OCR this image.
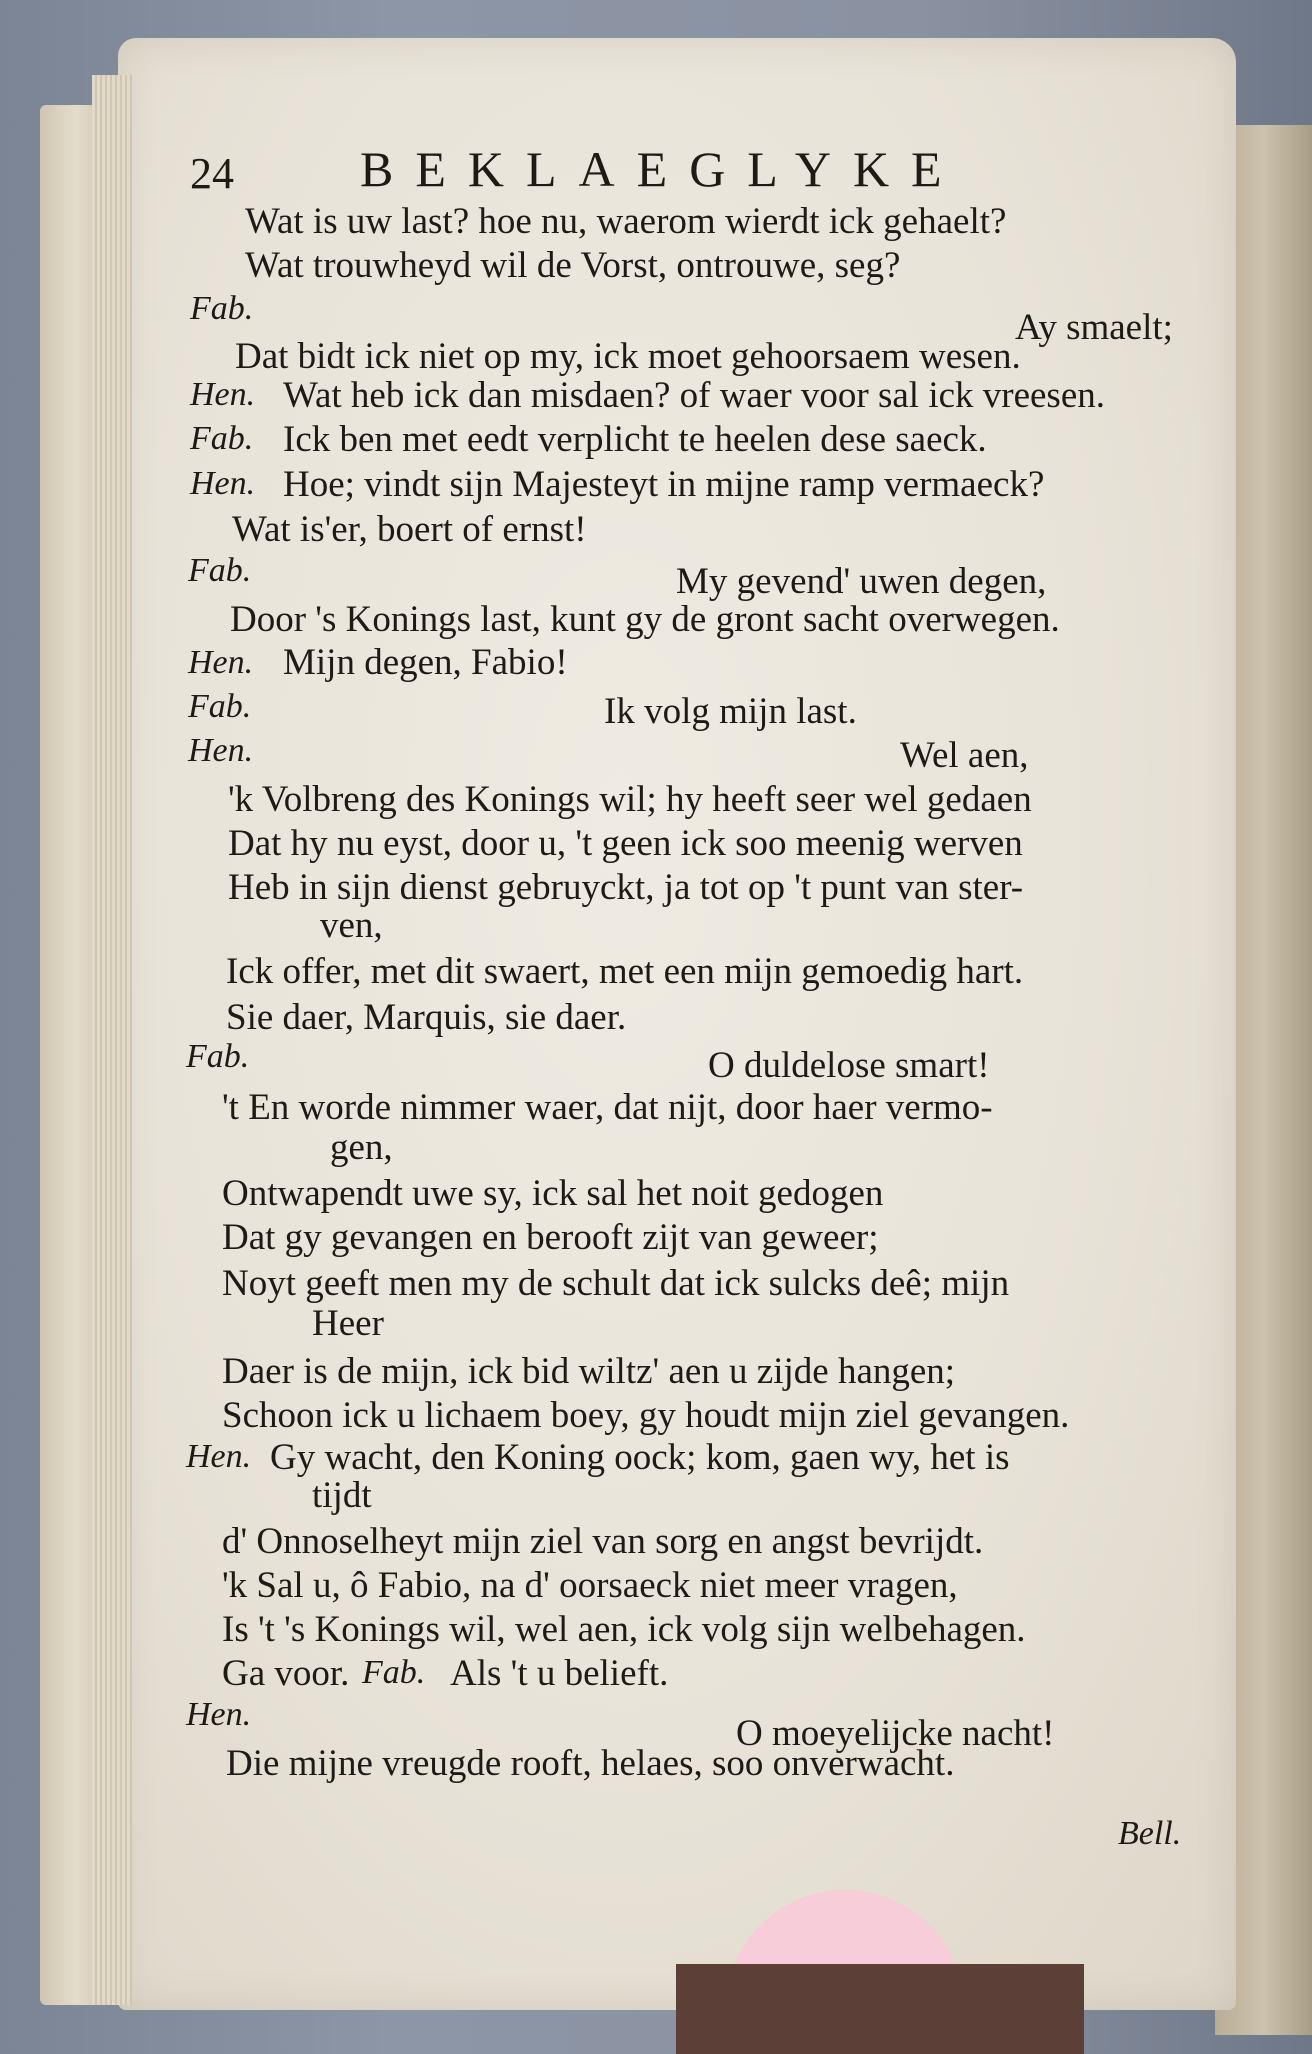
24	BEKLAEGLYKE
Wat is uw last? hoe nu, waerom wierdt ick gehaelt?
Wat trouwheyd wil de Vorst, ontrouwe, seg?
Fab.	Ay smaelt;
Dat bidt ick niet op my, ick moet gehoorsaem wesen.
Hen. Wat heb ick dan misdaen? of waer voor sal ick vreesen.
Fab. Ick ben met eedt verplicht te heelen dese saeck.
Hen. Hoe; vindt sijn Majesteyt in mijne ramp vermaeck?
Wat is'er, boert of ernst!
Fab.	My gevend' uwen degen,
Door 's Konings last, kunt gy de gront sacht overwegen.
Hen. Mijn degen, Fabio!
Fab.	Ik volg mijn last.
Hen.	Wel aen,
'k Volbreng des Konings wil; hy heeft seer wel gedaen
Dat hy nu eyst, door u, 't geen ick soo meenig werven
Heb in sijn dienst gebruyckt, ja tot op 't punt van ster-
ven,
Ick offer, met dit swaert, met een mijn gemoedig hart.
Sie daer, Marquis, sie daer.
Fab.	O duldelose smart!
't En worde nimmer waer, dat nijt, door haer vermo-
gen,
Ontwapendt uwe sy, ick sal het noit gedogen
Dat gy gevangen en berooft zijt van geweer;
Noyt geeft men my de schult dat ick sulcks deê; mijn
Heer
Daer is de mijn, ick bid wiltz' aen u zijde hangen;
Schoon ick u lichaem boey, gy houdt mijn ziel gevangen.
Hen. Gy wacht, den Koning oock; kom, gaen wy, het is
tijdt
d' Onnoselheyt mijn ziel van sorg en angst bevrijdt.
'k Sal u, ô Fabio, na d' oorsaeck niet meer vragen,
Is 't 's Konings wil, wel aen, ick volg sijn welbehagen.
Ga voor. Fab. Als 't u belieft.
Hen.	O moeyelijcke nacht!
Die mijne vreugde rooft, helaes, soo onverwacht.
Bell.
